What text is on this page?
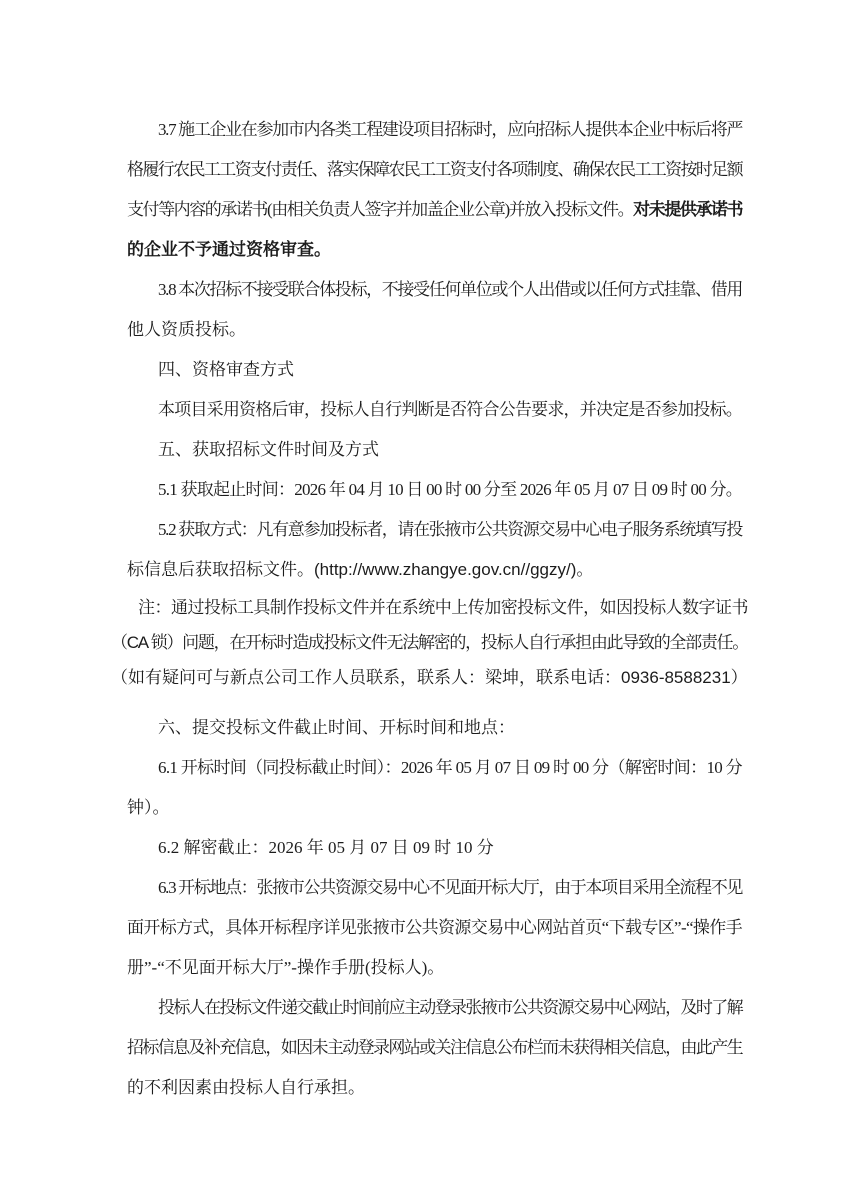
3.7 施工企业在参加市内各类工程建设项目招标时，应向招标人提供本企业中标后将严
格履行农民工工资支付责任、落实保障农民工工资支付各项制度、确保农民工工资按时足额
支付等内容的承诺书(由相关负责人签字并加盖企业公章)并放入投标文件。对未提供承诺书
的企业不予通过资格审查。
3.8 本次招标不接受联合体投标，不接受任何单位或个人出借或以任何方式挂靠、借用
他人资质投标。
四、资格审查方式
本项目采用资格后审，投标人自行判断是否符合公告要求，并决定是否参加投标。
五、获取招标文件时间及方式
5.1 获取起止时间：2026 年 04 月 10 日 00 时 00 分至 2026 年 05 月 07 日 09 时 00 分。
5.2 获取方式：凡有意参加投标者，请在张掖市公共资源交易中心电子服务系统填写投
标信息后获取招标文件。(http://www.zhangye.gov.cn//ggzy/)。
注：通过投标工具制作投标文件并在系统中上传加密投标文件，如因投标人数字证书
（CA 锁）问题，在开标时造成投标文件无法解密的，投标人自行承担由此导致的全部责任。
（如有疑问可与新点公司工作人员联系，联系人：梁坤，联系电话：0936-8588231）
六、提交投标文件截止时间、开标时间和地点：
6.1 开标时间（同投标截止时间）：2026 年 05 月 07 日 09 时 00 分（解密时间：10 分
钟）。
6.2 解密截止：2026 年 05 月 07 日 09 时 10 分
6.3 开标地点：张掖市公共资源交易中心不见面开标大厅，由于本项目采用全流程不见
面开标方式，具体开标程序详见张掖市公共资源交易中心网站首页“下载专区”-“操作手
册”-“不见面开标大厅”-操作手册(投标人)。
投标人在投标文件递交截止时间前应主动登录张掖市公共资源交易中心网站，及时了解
招标信息及补充信息，如因未主动登录网站或关注信息公布栏而未获得相关信息，由此产生
的不利因素由投标人自行承担。
